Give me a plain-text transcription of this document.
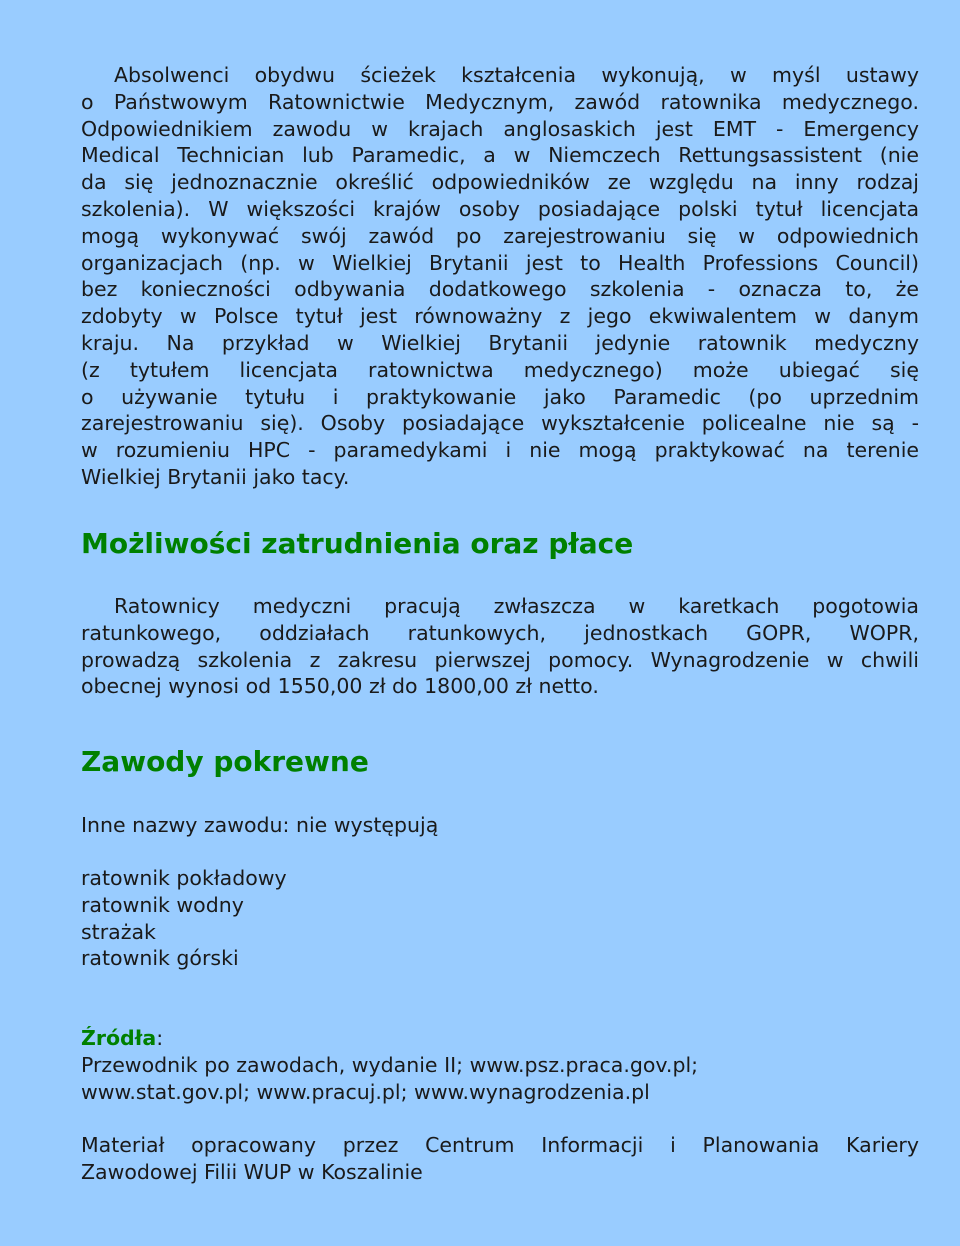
Absolwenci obydwu ścieżek kształcenia wykonują, w myśl ustawy
o Państwowym Ratownictwie Medycznym, zawód ratownika medycznego.
Odpowiednikiem zawodu w krajach anglosaskich jest EMT - Emergency
Medical Technician lub Paramedic, a w Niemczech Rettungsassistent (nie
da się jednoznacznie określić odpowiedników ze względu na inny rodzaj
szkolenia). W większości krajów osoby posiadające polski tytuł licencjata
mogą wykonywać swój zawód po zarejestrowaniu się w odpowiednich
organizacjach (np. w Wielkiej Brytanii jest to Health Professions Council)
bez konieczności odbywania dodatkowego szkolenia - oznacza to, że
zdobyty w Polsce tytuł jest równoważny z jego ekwiwalentem w danym
kraju. Na przykład w Wielkiej Brytanii jedynie ratownik medyczny
(z tytułem licencjata ratownictwa medycznego) może ubiegać się
o używanie tytułu i praktykowanie jako Paramedic (po uprzednim
zarejestrowaniu się). Osoby posiadające wykształcenie policealne nie są -
w rozumieniu HPC - paramedykami i nie mogą praktykować na terenie
Wielkiej Brytanii jako tacy.

Możliwości zatrudnienia oraz płace

Ratownicy medyczni pracują zwłaszcza w karetkach pogotowia
ratunkowego, oddziałach ratunkowych, jednostkach GOPR, WOPR,
prowadzą szkolenia z zakresu pierwszej pomocy. Wynagrodzenie w chwili
obecnej wynosi od 1550,00 zł do 1800,00 zł netto.

Zawody pokrewne

Inne nazwy zawodu: nie występują

ratownik pokładowy

ratownik wodny

strażak

ratownik górski

Źródła:

Przewodnik po zawodach, wydanie II; www.psz.praca.gov.pl;

www.stat.gov.pl; www.pracuj.pl; www.wynagrodzenia.pl

Materiał opracowany przez Centrum Informacji i Planowania Kariery
Zawodowej Filii WUP w Koszalinie
